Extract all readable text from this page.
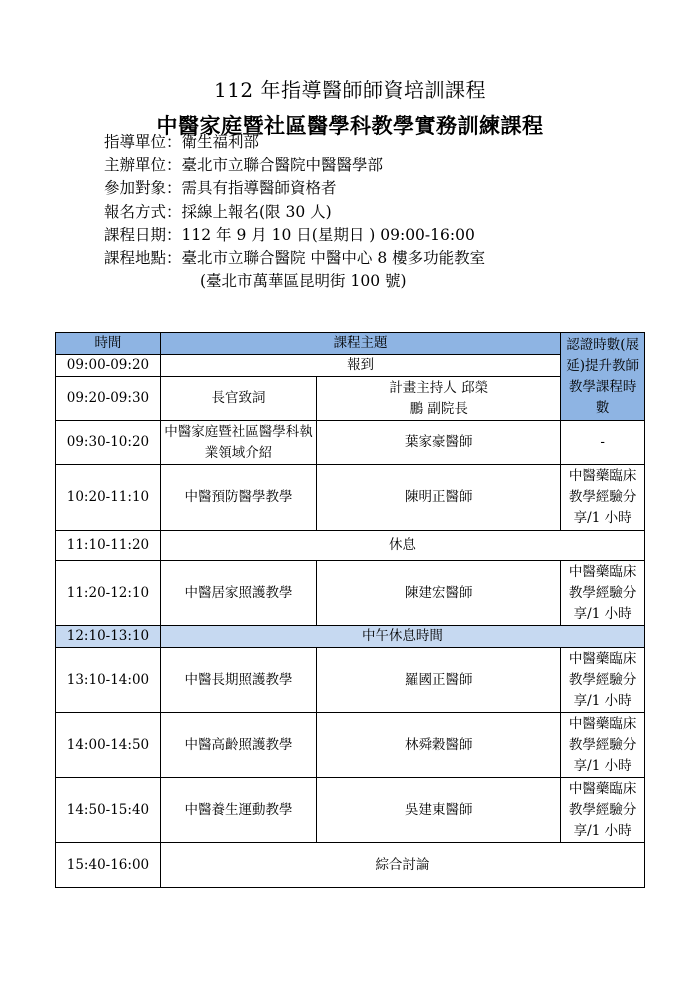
112 年指導醫師師資培訓課程
中醫家庭暨社區醫學科教學實務訓練課程
指導單位：衛生福利部
主辦單位：臺北市立聯合醫院中醫醫學部
參加對象：需具有指導醫師資格者
報名方式：採線上報名(限 30 人)
課程日期：112 年 9 月 10 日(星期日 ) 09:00-16:00
課程地點：臺北市立聯合醫院 中醫中心 8 樓多功能教室
(臺北市萬華區昆明街 100 號)
時間	課程主題		認證時數(展延)提升教師教學課程時數
09:00-09:20	報到		
09:20-09:30	長官致詞	計畫主持人 邱榮鵬 副院長	
09:30-10:20	中醫家庭暨社區醫學科執業領域介紹	葉家豪醫師	-
10:20-11:10	中醫預防醫學教學	陳明正醫師	中醫藥臨床教學經驗分享/1 小時
11:10-11:20	休息		
11:20-12:10	中醫居家照護教學	陳建宏醫師	中醫藥臨床教學經驗分享/1 小時
12:10-13:10	中午休息時間		
13:10-14:00	中醫長期照護教學	羅國正醫師	中醫藥臨床教學經驗分享/1 小時
14:00-14:50	中醫高齡照護教學	林舜穀醫師	中醫藥臨床教學經驗分享/1 小時
14:50-15:40	中醫養生運動教學	吳建東醫師	中醫藥臨床教學經驗分享/1 小時
15:40-16:00	綜合討論		
